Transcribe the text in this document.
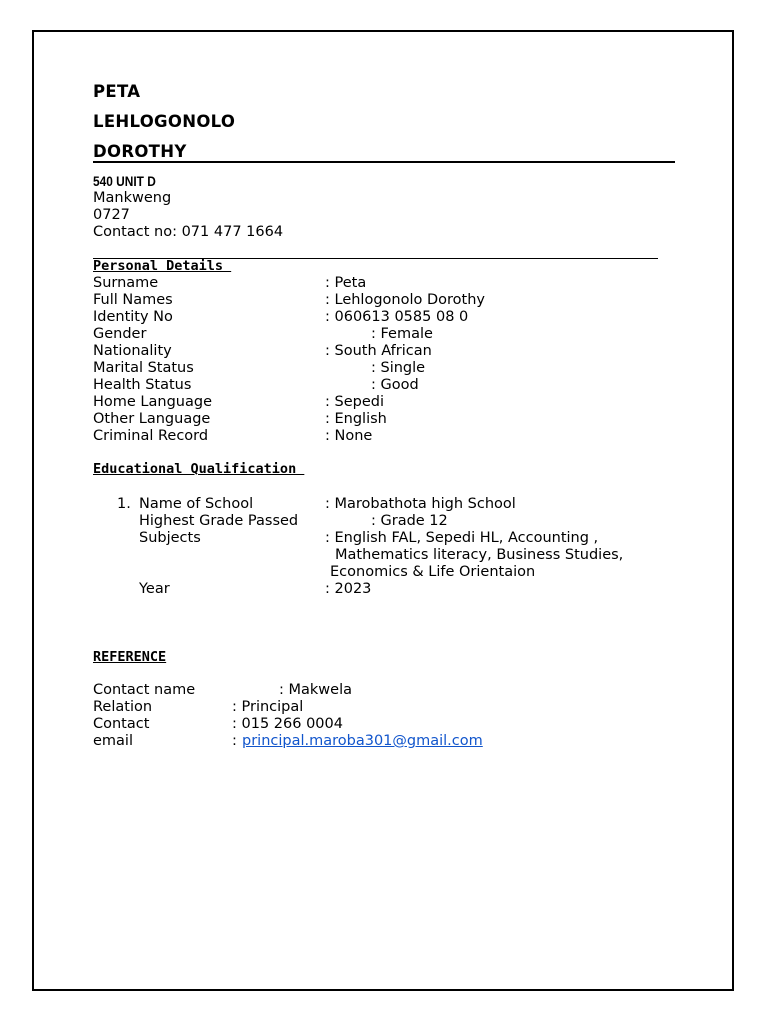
PETA
LEHLOGONOLO
DOROTHY
540 UNIT D
Mankweng
0727
Contact no: 071 477 1664
Personal Details
Surname	: Peta
Full Names	: Lehlogonolo Dorothy
Identity No	: 060613 0585 08 0
Gender	: Female
Nationality	: South African
Marital Status	: Single
Health Status	: Good
Home Language	: Sepedi
Other Language	: English
Criminal Record	: None
Educational Qualification
1. Name of School	: Marobathota high School
Highest Grade Passed	: Grade 12
Subjects	: English FAL, Sepedi HL, Accounting ,
Mathematics literacy, Business Studies,
Economics & Life Orientaion
Year	: 2023
REFERENCE
Contact name	: Makwela
Relation	: Principal
Contact	: 015 266 0004
email	: principal.maroba301@gmail.com
